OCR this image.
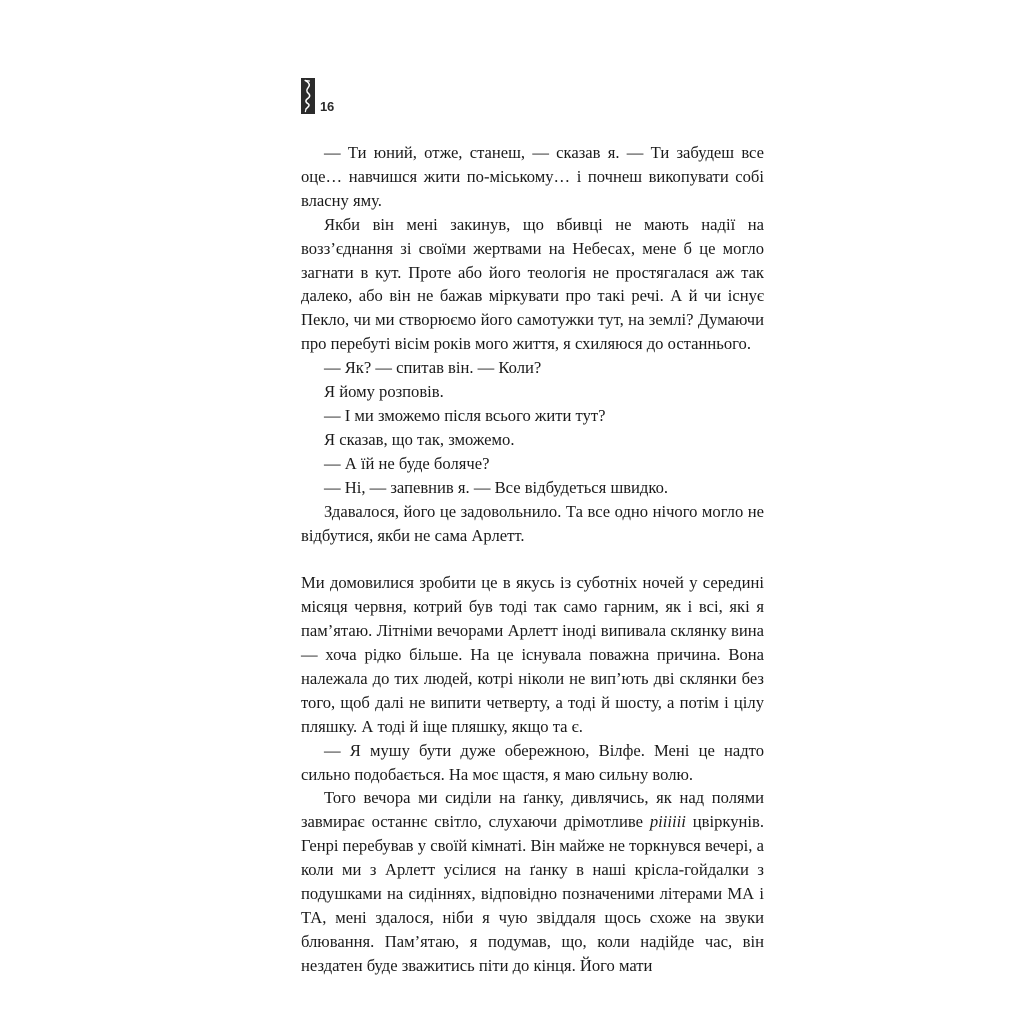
16

— Ти юний, отже, станеш, — сказав я. — Ти забудеш все оце… навчишся жити по-міському… і почнеш викопувати собі власну яму.

Якби він мені закинув, що вбивці не мають надії на возз’єднання зі своїми жертвами на Небесах, мене б це могло загнати в кут. Проте або його теологія не простягалася аж так далеко, або він не бажав міркувати про такі речі. А й чи існує Пекло, чи ми створюємо його самотужки тут, на землі? Думаючи про перебуті вісім років мого життя, я схиляюся до останнього.

— Як? — спитав він. — Коли?

Я йому розповів.

— І ми зможемо після всього жити тут?

Я сказав, що так, зможемо.

— А їй не буде боляче?

— Ні, — запевнив я. — Все відбудеться швидко.

Здавалося, його це задовольнило. Та все одно нічого могло не відбутися, якби не сама Арлетт.

Ми домовилися зробити це в якусь із суботніх ночей у середині місяця червня, котрий був тоді так само гарним, як і всі, які я пам’ятаю. Літніми вечорами Арлетт іноді випивала склянку вина — хоча рідко більше. На це існувала поважна причина. Вона належала до тих людей, котрі ніколи не вип’ють дві склянки без того, щоб далі не випити четверту, а тоді й шосту, а потім і цілу пляшку. А тоді й іще пляшку, якщо та є.

— Я мушу бути дуже обережною, Вілфе. Мені це надто сильно подобається. На моє щастя, я маю сильну волю.

Того вечора ми сиділи на ґанку, дивлячись, як над полями завмирає останнє світло, слухаючи дрімотливе ріііііі цвіркунів. Генрі перебував у своїй кімнаті. Він майже не торкнувся вечері, а коли ми з Арлетт усілися на ґанку в наші крісла-гойдалки з подушками на сидіннях, відповідно позначеними літерами МА і ТА, мені здалося, ніби я чую звіддаля щось схоже на звуки блювання. Пам’ятаю, я подумав, що, коли надійде час, він нездатен буде зважитись піти до кінця. Його мати
